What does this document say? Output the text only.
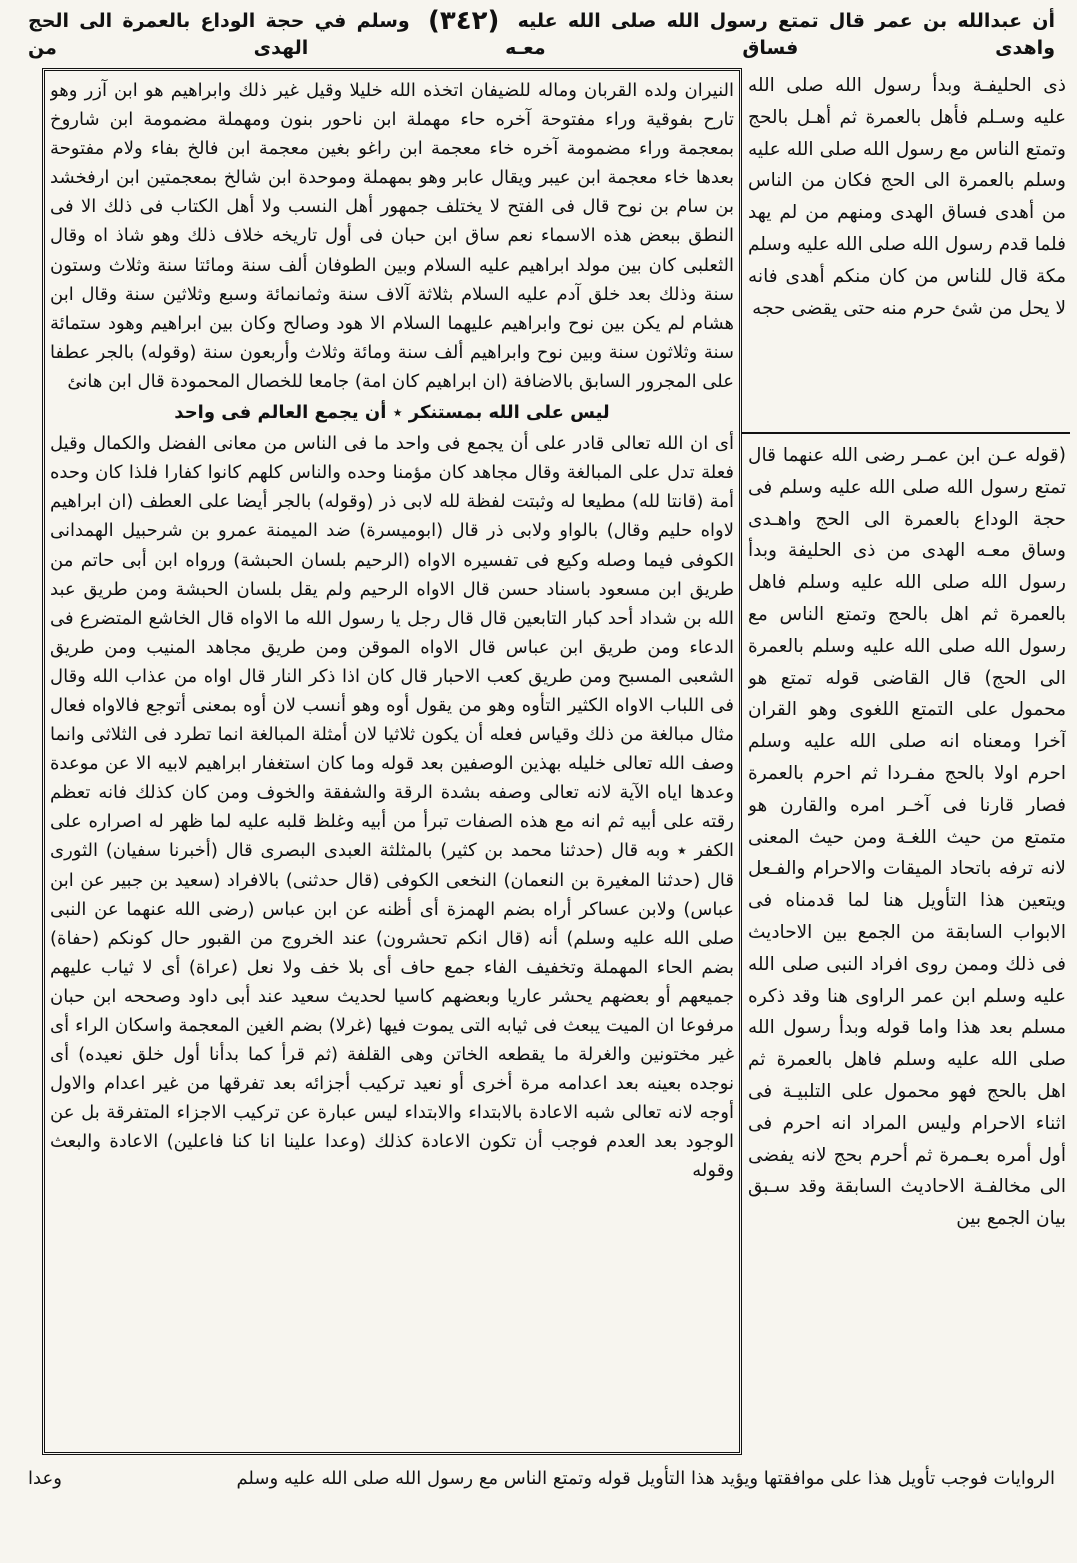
أن عبدالله بن عمر قال تمتع رسول الله صلى الله عليه (٣٤٢) وسلم في حجة الوداع بالعمرة الى الحج واهدى فساق معـه الهدى من

النيران ولده القربان وماله للضيفان اتخذه الله خليلا وقيل غير ذلك وابراهيم هو ابن آزر وهو تارح بفوقية وراء مفتوحة آخره حاء مهملة ابن ناحور بنون ومهملة مضمومة ابن شاروخ بمعجمة وراء مضمومة آخره خاء معجمة ابن راغو بغين معجمة ابن فالخ بفاء ولام مفتوحة بعدها خاء معجمة ابن عيبر ويقال عابر وهو بمهملة وموحدة ابن شالخ بمعجمتين ابن ارفخشد بن سام بن نوح قال فى الفتح لا يختلف جمهور أهل النسب ولا أهل الكتاب فى ذلك الا فى النطق ببعض هذه الاسماء نعم ساق ابن حبان فى أول تاريخه خلاف ذلك وهو شاذ اه وقال الثعلبى كان بين مولد ابراهيم عليه السلام وبين الطوفان ألف سنة ومائتا سنة وثلاث وستون سنة وذلك بعد خلق آدم عليه السلام بثلاثة آلاف سنة وثمانمائة وسبع وثلاثين سنة وقال ابن هشام لم يكن بين نوح وابراهيم عليهما السلام الا هود وصالح وكان بين ابراهيم وهود ستمائة سنة وثلاثون سنة وبين نوح وابراهيم ألف سنة ومائة وثلاث وأربعون سنة (وقوله) بالجر عطفا على المجرور السابق بالاضافة (ان ابراهيم كان امة) جامعا للخصال المحمودة قال ابن هانئ

ليس على الله بمستنكر ٭ أن يجمع العالم فى واحد

أى ان الله تعالى قادر على أن يجمع فى واحد ما فى الناس من معانى الفضل والكمال وقيل فعلة تدل على المبالغة وقال مجاهد كان مؤمنا وحده والناس كلهم كانوا كفارا فلذا كان وحده أمة (قانتا لله) مطيعا له وثبتت لفظة لله لابى ذر (وقوله) بالجر أيضا على العطف (ان ابراهيم لاواه حليم وقال) بالواو ولابى ذر قال (ابوميسرة) ضد الميمنة عمرو بن شرحبيل الهمدانى الكوفى فيما وصله وكيع فى تفسيره الاواه (الرحيم بلسان الحبشة) ورواه ابن أبى حاتم من طريق ابن مسعود باسناد حسن قال الاواه الرحيم ولم يقل بلسان الحبشة ومن طريق عبد الله بن شداد أحد كبار التابعين قال قال رجل يا رسول الله ما الاواه قال الخاشع المتضرع فى الدعاء ومن طريق ابن عباس قال الاواه الموقن ومن طريق مجاهد المنيب ومن طريق الشعبى المسبح ومن طريق كعب الاحبار قال كان اذا ذكر النار قال اواه من عذاب الله وقال فى اللباب الاواه الكثير التأوه وهو من يقول أوه وهو أنسب لان أوه بمعنى أتوجع فالاواه فعال مثال مبالغة من ذلك وقياس فعله أن يكون ثلاثيا لان أمثلة المبالغة انما تطرد فى الثلاثى وانما وصف الله تعالى خليله بهذين الوصفين بعد قوله وما كان استغفار ابراهيم لابيه الا عن موعدة وعدها اياه الآية لانه تعالى وصفه بشدة الرقة والشفقة والخوف ومن كان كذلك فانه تعظم رقته على أبيه ثم انه مع هذه الصفات تبرأ من أبيه وغلظ قلبه عليه لما ظهر له اصراره على الكفر ٭ وبه قال (حدثنا محمد بن كثير) بالمثلثة العبدى البصرى قال (أخبرنا سفيان) الثورى قال (حدثنا المغيرة بن النعمان) النخعى الكوفى (قال حدثنى) بالافراد (سعيد بن جبير عن ابن عباس) ولابن عساكر أراه بضم الهمزة أى أظنه عن ابن عباس (رضى الله عنهما عن النبى صلى الله عليه وسلم) أنه (قال انكم تحشرون) عند الخروج من القبور حال كونكم (حفاة) بضم الحاء المهملة وتخفيف الفاء جمع حاف أى بلا خف ولا نعل (عراة) أى لا ثياب عليهم جميعهم أو بعضهم يحشر عاريا وبعضهم كاسيا لحديث سعيد عند أبى داود وصححه ابن حبان مرفوعا ان الميت يبعث فى ثيابه التى يموت فيها (غرلا) بضم الغين المعجمة واسكان الراء أى غير مختونين والغرلة ما يقطعه الخاتن وهى القلفة (ثم قرأ كما بدأنا أول خلق نعيده) أى نوجده بعينه بعد اعدامه مرة أخرى أو نعيد تركيب أجزائه بعد تفرقها من غير اعدام والاول أوجه لانه تعالى شبه الاعادة بالابتداء والابتداء ليس عبارة عن تركيب الاجزاء المتفرقة بل عن الوجود بعد العدم فوجب أن تكون الاعادة كذلك (وعدا علينا انا كنا فاعلين) الاعادة والبعث وقوله

ذى الحليفـة وبدأ رسول الله صلى الله عليه وسـلم فأهل بالعمرة ثم أهـل بالحج وتمتع الناس مع رسول الله صلى الله عليه وسلم بالعمرة الى الحج فكان من الناس من أهدى فساق الهدى ومنهم من لم يهد فلما قدم رسول الله صلى الله عليه وسلم مكة قال للناس من كان منكم أهدى فانه لا يحل من شئ حرم منه حتى يقضى حجه
(قوله عـن ابن عمـر رضى الله عنهما قال تمتع رسول الله صلى الله عليه وسلم فى حجة الوداع بالعمرة الى الحج واهـدى وساق معـه الهدى من ذى الحليفة وبدأ رسول الله صلى الله عليه وسلم فاهل بالعمرة ثم اهل بالحج وتمتع الناس مع رسول الله صلى الله عليه وسلم بالعمرة الى الحج) قال القاضى قوله تمتع هو محمول على التمتع اللغوى وهو القران آخرا ومعناه انه صلى الله عليه وسلم احرم اولا بالحج مفـردا ثم احرم بالعمرة فصار قارنا فى آخـر امره والقارن هو متمتع من حيث اللغـة ومن حيث المعنى لانه ترفه باتحاد الميقات والاحرام والفـعل ويتعين هذا التأويل هنا لما قدمناه فى الابواب السابقة من الجمع بين الاحاديث فى ذلك وممن روى افراد النبى صلى الله عليه وسلم ابن عمر الراوى هنا وقد ذكره مسلم بعد هذا واما قوله وبدأ رسول الله صلى الله عليه وسلم فاهل بالعمرة ثم اهل بالحج فهو محمول على التلبيـة فى اثناء الاحرام وليس المراد انه احرم فى أول أمره بعـمرة ثم أحرم بحج لانه يفضى الى مخالفـة الاحاديث السابقة وقد سـبق بيان الجمع بين
الروايات فوجب تأويل هذا على موافقتها ويؤيد هذا التأويل قوله وتمتع الناس مع رسول الله صلى الله عليه وسلم
وعدا
